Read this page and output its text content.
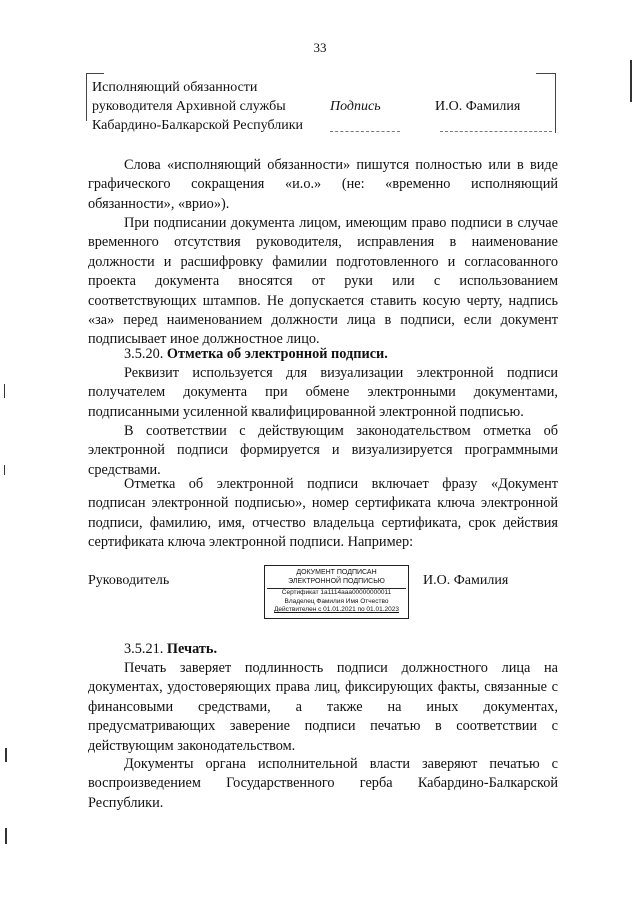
33
Исполняющий обязанности
руководителя Архивной службы
Кабардино-Балкарской Республики
Подпись	И.О. Фамилия
Слова «исполняющий обязанности» пишутся полностью или в виде графического сокращения «и.о.» (не: «временно исполняющий обязанности», «врио»).
При подписании документа лицом, имеющим право подписи в случае временного отсутствия руководителя, исправления в наименование должности и расшифровку фамилии подготовленного и согласованного проекта документа вносятся от руки или с использованием соответствующих штампов. Не допускается ставить косую черту, надпись «за» перед наименованием должности лица в подписи, если документ подписывает иное должностное лицо.
3.5.20. Отметка об электронной подписи.
Реквизит используется для визуализации электронной подписи получателем документа при обмене электронными документами, подписанными усиленной квалифицированной электронной подписью.
В соответствии с действующим законодательством отметка об электронной подписи формируется и визуализируется программными средствами.
Отметка об электронной подписи включает фразу «Документ подписан электронной подписью», номер сертификата ключа электронной подписи, фамилию, имя, отчество владельца сертификата, срок действия сертификата ключа электронной подписи. Например:
Руководитель
ДОКУМЕНТ ПОДПИСАН
ЭЛЕКТРОННОЙ ПОДПИСЬЮ
Сертификат 1a1114aaa00000000011
Владелец Фамилия Имя Отчество
Действителен с 01.01.2021 по 01.01.2023
И.О. Фамилия
3.5.21. Печать.
Печать заверяет подлинность подписи должностного лица на документах, удостоверяющих права лиц, фиксирующих факты, связанные с финансовыми средствами, а также на иных документах, предусматривающих заверение подписи печатью в соответствии с действующим законодательством.
Документы органа исполнительной власти заверяют печатью с воспроизведением Государственного герба Кабардино-Балкарской Республики.
